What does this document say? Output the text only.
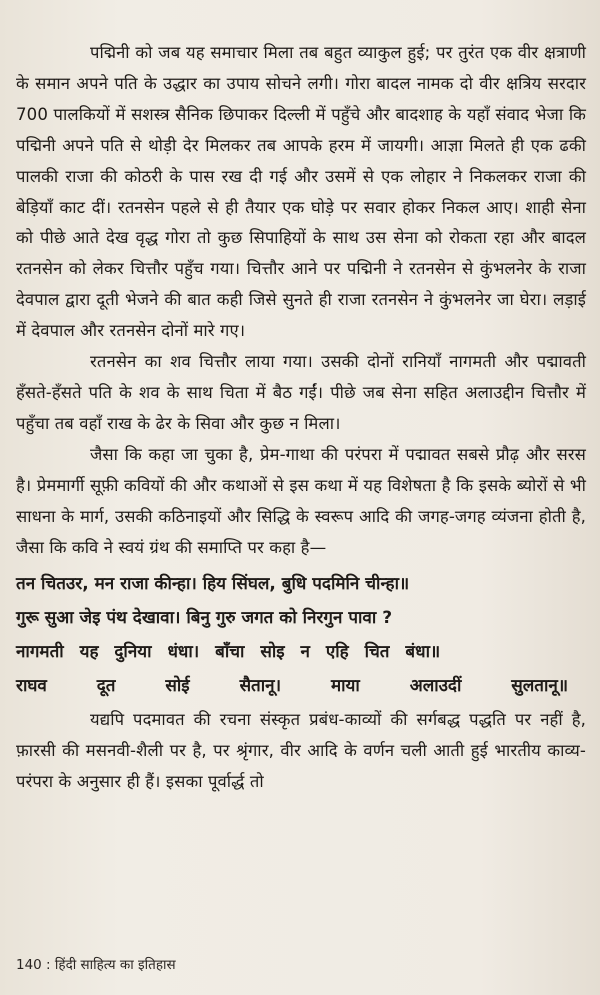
पद्मिनी को जब यह समाचार मिला तब बहुत व्याकुल हुई; पर तुरंत एक वीर क्षत्राणी के समान अपने पति के उद्धार का उपाय सोचने लगी। गोरा बादल नामक दो वीर क्षत्रिय सरदार 700 पालकियों में सशस्त्र सैनिक छिपाकर दिल्ली में पहुँचे और बादशाह के यहाँ संवाद भेजा कि पद्मिनी अपने पति से थोड़ी देर मिलकर तब आपके हरम में जायगी। आज्ञा मिलते ही एक ढकी पालकी राजा की कोठरी के पास रख दी गई और उसमें से एक लोहार ने निकलकर राजा की बेड़ियाँ काट दीं। रतनसेन पहले से ही तैयार एक घोड़े पर सवार होकर निकल आए। शाही सेना को पीछे आते देख वृद्ध गोरा तो कुछ सिपाहियों के साथ उस सेना को रोकता रहा और बादल रतनसेन को लेकर चित्तौर पहुँच गया। चित्तौर आने पर पद्मिनी ने रतनसेन से कुंभलनेर के राजा देवपाल द्वारा दूती भेजने की बात कही जिसे सुनते ही राजा रतनसेन ने कुंभलनेर जा घेरा। लड़ाई में देवपाल और रतनसेन दोनों मारे गए।

रतनसेन का शव चित्तौर लाया गया। उसकी दोनों रानियाँ नागमती और पद्मावती हँसते-हँसते पति के शव के साथ चिता में बैठ गईं। पीछे जब सेना सहित अलाउद्दीन चित्तौर में पहुँचा तब वहाँ राख के ढेर के सिवा और कुछ न मिला।

जैसा कि कहा जा चुका है, प्रेम-गाथा की परंपरा में पद्मावत सबसे प्रौढ़ और सरस है। प्रेममार्गी सूफ़ी कवियों की और कथाओं से इस कथा में यह विशेषता है कि इसके ब्योरों से भी साधना के मार्ग, उसकी कठिनाइयों और सिद्धि के स्वरूप आदि की जगह-जगह व्यंजना होती है, जैसा कि कवि ने स्वयं ग्रंथ की समाप्ति पर कहा है—

तन चितउर, मन राजा कीन्हा। हिय सिंघल, बुधि पदमिनि चीन्हा॥
गुरू सुआ जेइ पंथ देखावा। बिनु गुरु जगत को निरगुन पावा ?
नागमती यह दुनिया धंधा। बाँचा सोइ न एहि चित बंधा॥
राघव दूत सोई सैतानू। माया अलाउदीं सुलतानू॥

यद्यपि पदमावत की रचना संस्कृत प्रबंध-काव्यों की सर्गबद्ध पद्धति पर नहीं है, फ़ारसी की मसनवी-शैली पर है, पर श्रृंगार, वीर आदि के वर्णन चली आती हुई भारतीय काव्य-परंपरा के अनुसार ही हैं। इसका पूर्वार्द्ध तो

140 : हिंदी साहित्य का इतिहास
